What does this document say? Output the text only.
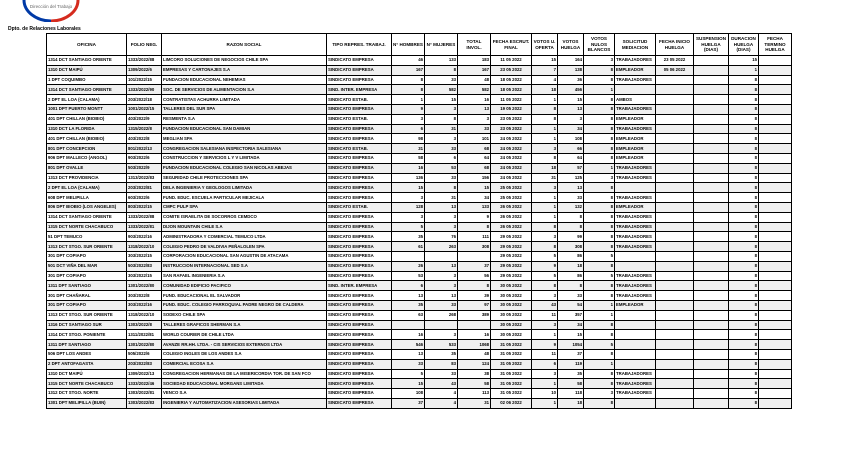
Dirección del Trabajo
Dpto. de Relaciones Laborales
OFICINA	FOLIO NEG.	RAZON SOCIAL	TIPO REPRES. TRABAJ.	N° HOMBRES	N° MUJERES	TOTAL INVOL.	FECHA ESCRUT. FINAL	VOTOS U. OFERTA	VOTOS HUELGA	VOTOS NULOS BLANCOS	SOLICITUD MEDIACION	FECHA INICIO HUELGA	SUSPENSION HUELGA (DIAS)	DURACION HUELGA (DIAS)	FECHA TERMINO HUELGA
1314 DCT SANTIAGO ORIENTE	1333/2022/88	LIMCORO SOLUCIONES DE NEGOCIOS CHILE SPA	SINDICATO EMPRESA	46	133	183	11 05 2022	15	164	3	TRABAJADORES	23 05 2022		15	
1310 DCT MAIPÚ	1309/2022/6	EMPRESAS Y CARTONAJES S.A	SINDICATO EMPRESA	167	8	167	23 05 2022	7	138	8	EMPLEADOR	05 06 2022		1	
1 DPT COQUIMBO	101/2022/15	FUNDACION EDUCACIONAL NEHEMIAS	SINDICATO EMPRESA	8	33	48	18 05 2022	4	36	8	TRABAJADORES			8	
1314 DCT SANTIAGO ORIENTE	1333/2022/90	SOC. DE SERVICIOS DE ALIMENTACION S.A	SIND. INTER. EMPRESA	8	582	582	18 05 2022	18	456	1				8	
2 DPT EL LOA (CALAMA)	203/2022/18	CONTRATISTAS ACHURRA LIMITADA	SINDICATO ESTAB.	1	15	16	11 05 2022	1	15	8	AMBOS			8	
1001 DPT PUERTO MONTT	1001/2022/15	TALLERES DEL SUR SPA	SINDICATO EMPRESA	9	3	13	19 05 2022	8	13	8	TRABAJADORES			8	
401 DPT CHILLAN (BIOBIO)	403/2022/9	RESMENTA S.A	SINDICATO ESTAB.	3	8	3	23 05 2022	8	3	8	EMPLEADOR			8	
1310 DCT LA FLORIDA	1315/2022/8	FUNDACION EDUCACIONAL SAN DAMIAN	SINDICATO EMPRESA	6	31	33	23 05 2022	1	34	8	TRABAJADORES			8	
401 DPT CHILLAN (BIOBIO)	403/2022/8	MEGLIAN SPA	SINDICATO EMPRESA	98	3	101	24 05 2022	1	108	8	EMPLEADOR			8	
801 DPT CONCEPCION	801/2022/13	CONGREGACION SALESIANA INSPECTORIA SALESIANA	SINDICATO ESTAB.	31	33	68	24 05 2022	3	66	8	EMPLEADOR			8	
906 DPT MALLECO (ANGOL)	903/2022/6	CONSTRUCCION Y SERVICIOS L Y V LIMITADA	SINDICATO EMPRESA	58	6	64	24 05 2022	8	64	8	EMPLEADOR			8	
801 DPT OVALLE	503/2022/9	FUNDACION EDUCACIONAL COLEGIO SAN NICOLAS ABEJAS	SINDICATO EMPRESA	16	53	68	24 05 2022	18	57	1	TRABAJADORES			8	
1313 DCT PROVIDENCIA	1313/2022/83	SEGURIDAD CHILE PROTECCIONES SPA	SINDICATO EMPRESA	136	33	156	24 05 2022	31	125	3	TRABAJADORES			8	
2 DPT EL LOA (CALAMA)	203/2022/81	DELA INGENIERIA Y GEOLOGOS LIMITADA	SINDICATO EMPRESA	15	8	15	25 05 2022	3	13	8				8	
608 DPT MELIPILLA	603/2022/6	FUND. EDUC. ESCUELA PARTICULAR MEJICALA	SINDICATO EMPRESA	3	31	34	25 05 2022	1	33	8	TRABAJADORES			8	
806 DPT BIOBIO (LOS ANGELES)	803/2022/15	CMPC PULP SPA	SINDICATO ESTAB.	128	13	133	26 05 2022	1	132	8	EMPLEADOR			8	
1314 DCT SANTIAGO ORIENTE	1333/2022/88	COMITE ISRAELITA DE SOCORROS CEMDCO	SINDICATO EMPRESA	3	3	9	26 05 2022	1	8	8	TRABAJADORES			8	
1315 DCT NORTE CHACABUCO	1333/2022/81	DIJON MOUNTAIN CHILE S.A	SINDICATO EMPRESA	5	3	8	26 05 2022	8	8	8	TRABAJADORES			8	
51 DPT TEMUCO	903/2022/16	ADMINISTRADORA Y COMERCIAL TEMUCO LTDA	SINDICATO EMPRESA	35	76	111	29 05 2022	3	99	8	TRABAJADORES			8	
1313 DCT STGO. SUR ORIENTE	1318/2022/10	COLEGIO PEDRO DE VALDIVIA PEÑALOLEN SPA	SINDICATO EMPRESA	61	263	308	29 05 2022	8	308	8	TRABAJADORES			8	
301 DPT COPIAPO	303/2022/15	CORPORACION EDUCACIONAL SAN AGUSTIN DE ATACAMA	SINDICATO EMPRESA				29 05 2022	5	86	5				8	
501 DCT VIÑA DEL MAR	503/2022/83	INSTRUCCION INTERNACIONAL SED S.A	SINDICATO EMPRESA	26	13	37	29 05 2022	9	18	8				8	
301 DPT COPIAPO	303/2022/15	SAN RAFAEL INGENIERIA S.A	SINDICATO EMPRESA	53	3	56	29 05 2022	5	86	5	TRABAJADORES			8	
1311 DPT SANTIAGO	1301/2022/80	COMUNIDAD EDIFICIO PACIFICO	SIND. INTER. EMPRESA	6	3	8	30 05 2022	8	8	8	TRABAJADORES			8	
301 DPT CHAÑARAL	303/2022/8	FUND. EDUCACIONAL EL SALVADOR	SINDICATO EMPRESA	13	13	39	30 05 2022	3	33	8	TRABAJADORES			8	
301 DPT COPIAPO	303/2022/16	FUND. EDUC. COLEGIO PARROQUIAL PADRE NEGRO DE CALDERA	SINDICATO EMPRESA	35	33	97	30 05 2022	43	54	1	EMPLEADOR			8	
1313 DCT STGO. SUR ORIENTE	1318/2022/10	SODEXO CHILE SPA	SINDICATO EMPRESA	63	268	389	30 05 2022	11	357	1				8	
1316 DCT SANTIAGO SUR	1303/2022/8	TALLERES GRAFICOS SHERMAN S.A	SINDICATO EMPRESA				30 05 2022	3	34	8				8	
1314 DCT STGO. PONIENTE	1311/2022/81	WORLD COURIER DE CHILE LTDA	SINDICATO EMPRESA	16	3	16	30 05 2022	1	15	8				8	
1311 DPT SANTIAGO	1301/2022/80	AVANZE RR.HH. LTDA. - CIS SERVICIOS EXTERNOS LTDA	SINDICATO EMPRESA	546	533	1068	31 05 2022	9	1054	5				8	
506 DPT LOS ANDES	505/2022/6	COLEGIO INGLES DE LOS ANDES S.A	SINDICATO EMPRESA	13	35	48	31 05 2022	11	37	8				8	
2 DPT ANTOFAGASTA	203/2022/83	COMERCIAL ECOSA S.A	SINDICATO EMPRESA	33	83	124	31 05 2022	6	119	1				8	
1310 DCT MAIPÚ	1309/2022/13	CONGREGACION HERMANAS DE LA MISERICORDIA TOR. DE SAN FCO	SINDICATO EMPRESA	5	33	38	31 05 2022	3	35	8	TRABAJADORES			8	
1315 DCT NORTE CHACABUCO	1333/2022/46	SOCIEDAD EDUCACIONAL MORGANS LIMITADA	SINDICATO EMPRESA	15	43	58	31 05 2022	1	58	8	TRABAJADORES			8	
1312 DCT STGO. NORTE	1303/2022/81	VENCO S.A	SINDICATO EMPRESA	108	4	113	31 05 2022	10	118	3	TRABAJADORES			8	
1301 DPT MELIPILLA (BUIN)	1303/2022/83	INGENIERIA Y AUTOMATIZACION ASESORIAS LIMITADA	SINDICATO EMPRESA	37	4	31	02 06 2022	1	18	8				8	
